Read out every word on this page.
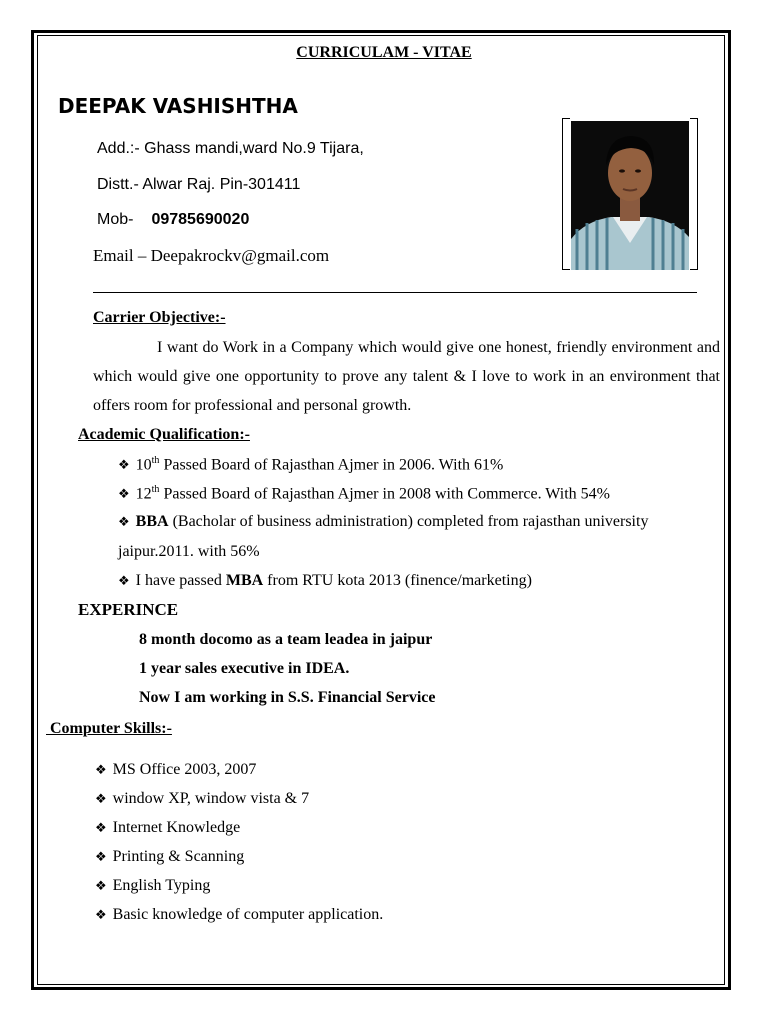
CURRICULAM - VITAE
DEEPAK VASHISHTHA
Add.:- Ghass mandi,ward No.9 Tijara,
Distt.- Alwar Raj. Pin-301411
Mob- 09785690020
Email – Deepakrockv@gmail.com
Carrier Objective:-
I want do Work in a Company which would give one honest, friendly environment and which would give one opportunity to prove any talent & I love to work in an environment that offers room for professional and personal growth.
Academic Qualification:-
❖ 10th Passed Board of Rajasthan Ajmer in 2006. With 61%
❖ 12th Passed Board of Rajasthan Ajmer in 2008 with Commerce. With 54%
❖ BBA (Bacholar of business administration) completed from rajasthan university
jaipur.2011. with 56%
❖ I have passed MBA from RTU kota 2013 (finence/marketing)
EXPERINCE
8 month docomo as a team leadea in jaipur
1 year sales executive in IDEA.
Now I am working in S.S. Financial Service
Computer Skills:-
❖ MS Office 2003, 2007
❖ window XP, window vista & 7
❖ Internet Knowledge
❖ Printing & Scanning
❖ English Typing
❖ Basic knowledge of computer application.
